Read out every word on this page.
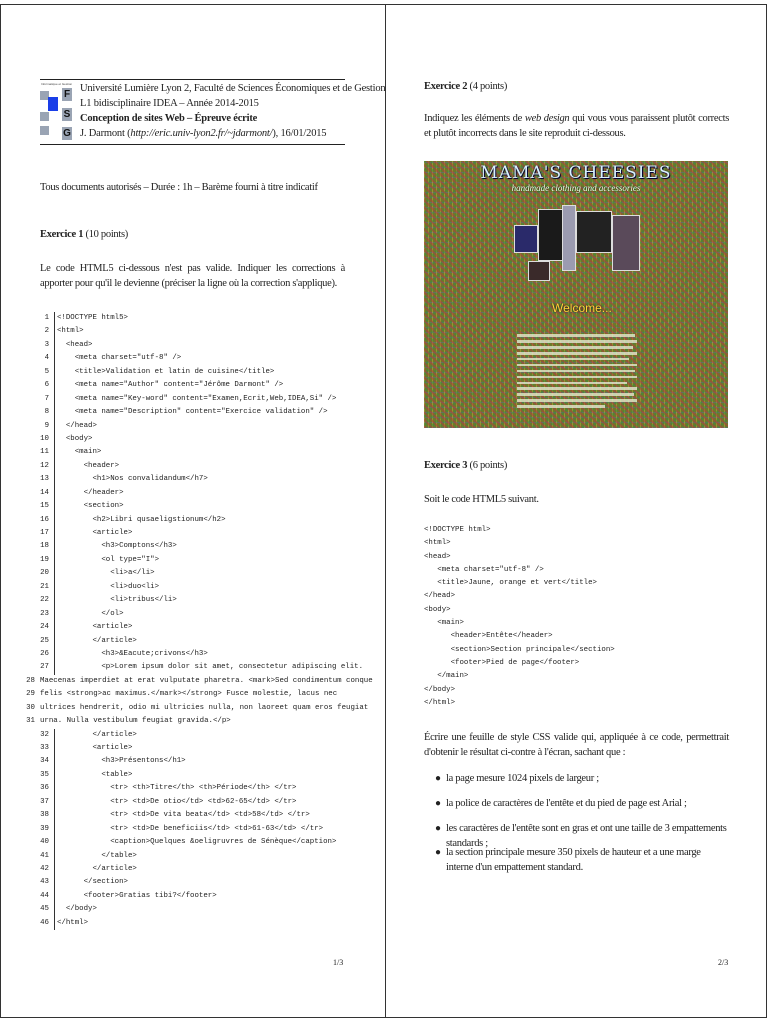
Informatique et Gestion
F
S
G
Université Lumière Lyon 2, Faculté de Sciences Économiques et de Gestion
L1 bidisciplinaire IDEA – Année 2014-2015
Conception de sites Web – Épreuve écrite
J. Darmont (http://eric.univ-lyon2.fr/~jdarmont/), 16/01/2015
Tous documents autorisés – Durée : 1h – Barème fourni à titre indicatif
Exercice 1 (10 points)
Le code HTML5 ci-dessous n'est pas valide. Indiquer les corrections à apporter pour qu'il le devienne (préciser la ligne où la correction s'applique).
1 <!DOCTYPE html5>
2 <html>
3 <head>
4 <meta charset="utf-8" />
5 <title>Validation et latin de cuisine</title>
6 <meta name="Author" content="Jérôme Darmont" />
7 <meta name="Key-word" content="Examen,Ecrit,Web,IDEA,Si" />
8 <meta name="Description" content="Exercice validation" />
9 </head>
10 <body>
11 <main>
12 <header>
13 <h1>Nos convalidandum</h7>
14 </header>
15 <section>
16 <h2>Libri qusaeligstionum</h2>
17 <article>
18 <h3>Comptons</h3>
19 <ol type="I">
20 <li>a</li>
21 <li>duo<li>
22 <li>tribus</li>
23 </ol>
24 <article>
25 </article>
26 <h3>&Eacute;crivons</h3>
27 <p>Lorem ipsum dolor sit amet, consectetur adipiscing elit.
28 Maecenas imperdiet at erat vulputate pharetra. <mark>Sed condimentum conque
29 felis <strong>ac maximus.</mark></strong> Fusce molestie, lacus nec
30 ultrices hendrerit, odio mi ultricies nulla, non laoreet quam eros feugiat
31 urna. Nulla vestibulum feugiat gravida.</p>
32 </article>
33 <article>
34 <h3>Présentons</h1>
35 <table>
36 <tr> <th>Titre</th> <th>Période</th> </tr>
37 <tr> <td>De otio</td> <td>62-65</td> </tr>
38 <tr> <td>De vita beata</td> <td>58</td> </tr>
39 <tr> <td>De beneficiis</td> <td>61-63</td> </tr>
40 <caption>Quelques &oeligruvres de Sénèque</caption>
41 </table>
42 </article>
43 </section>
44 <footer>Gratias tibi?</footer>
45 </body>
46 </html>
1/3
Exercice 2 (4 points)
Indiquez les éléments de web design qui vous vous paraissent plutôt corrects et plutôt incorrects dans le site reproduit ci-dessous.
MAMA'S CHEESIES
handmade clothing and accessories
Welcome...
Exercice 3 (6 points)
Soit le code HTML5 suivant.
<!DOCTYPE html>
<html>
<head>
<meta charset="utf-8" />
<title>Jaune, orange et vert</title>
</head>
<body>
<main>
<header>Entête</header>
<section>Section principale</section>
<footer>Pied de page</footer>
</main>
</body>
</html>
Écrire une feuille de style CSS valide qui, appliquée à ce code, permettrait d'obtenir le résultat ci-contre à l'écran, sachant que :
● la page mesure 1024 pixels de largeur ;
● la police de caractères de l'entête et du pied de page est Arial ;
● les caractères de l'entête sont en gras et ont une taille de 3 empattements standards ;
● la section principale mesure 350 pixels de hauteur et a une marge interne d'un empattement standard.
2/3
